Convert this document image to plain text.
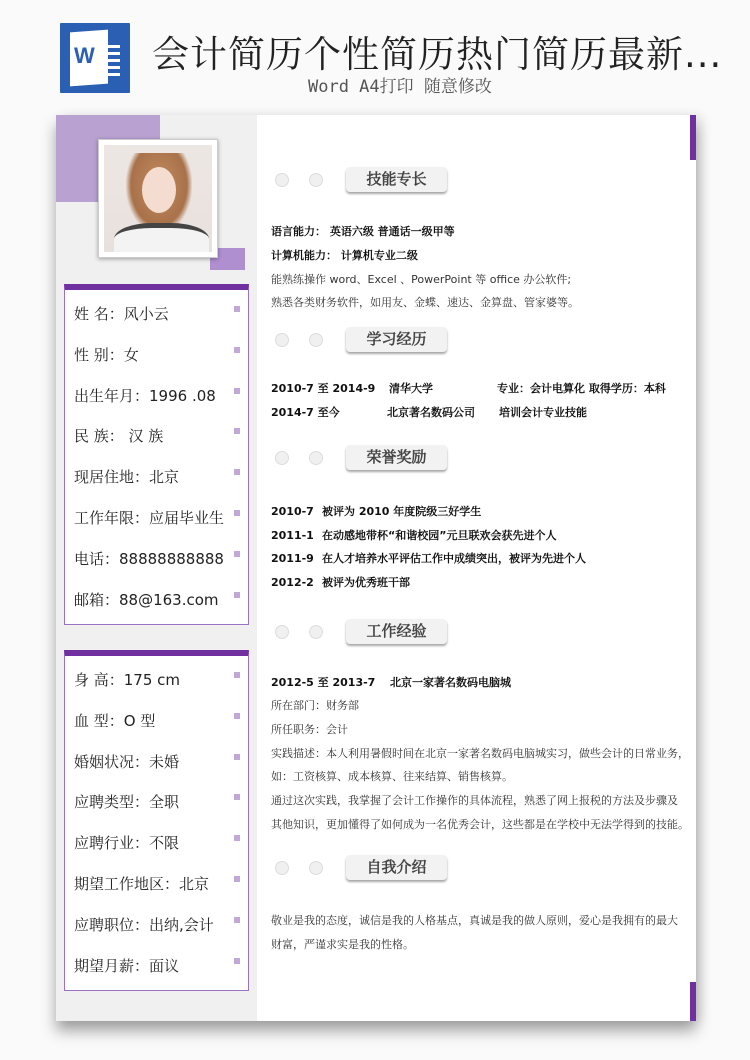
W 会计简历个性简历热门简历最新...
Word A4打印 随意修改
姓 名：风小云
性 别：女
出生年月：1996 .08
民 族： 汉 族
现居住地：北京
工作年限：应届毕业生
电话：88888888888
邮箱：88@163.com
身 高：175 cm
血 型：O 型
婚姻状况：未婚
应聘类型：全职
应聘行业：不限
期望工作地区：北京
应聘职位：出纳,会计
期望月薪：面议
技能专长
语言能力： 英语六级 普通话一级甲等
计算机能力： 计算机专业二级
能熟练操作 word、Excel 、PowerPoint 等 office 办公软件;
熟悉各类财务软件，如用友、金蝶、速达、金算盘、管家婆等。
学习经历
2010-7 至 2014-9 清华大学	专业：会计电算化 取得学历：本科
2014-7 至今	北京著名数码公司 培训会计专业技能
荣誉奖励
2010-7 被评为 2010 年度院级三好学生
2011-1 在动感地带杯“和谐校园”元旦联欢会获先进个人
2011-9 在人才培养水平评估工作中成绩突出，被评为先进个人
2012-2 被评为优秀班干部
工作经验
2012-5 至 2013-7 北京一家著名数码电脑城
所在部门：财务部
所任职务：会计
实践描述：本人利用暑假时间在北京一家著名数码电脑城实习，做些会计的日常业务，
如：工资核算、成本核算、往来结算、销售核算。
通过这次实践，我掌握了会计工作操作的具体流程，熟悉了网上报税的方法及步骤及
其他知识，更加懂得了如何成为一名优秀会计，这些都是在学校中无法学得到的技能。
自我介绍
敬业是我的态度，诚信是我的人格基点，真诚是我的做人原则，爱心是我拥有的最大
财富，严谨求实是我的性格。
